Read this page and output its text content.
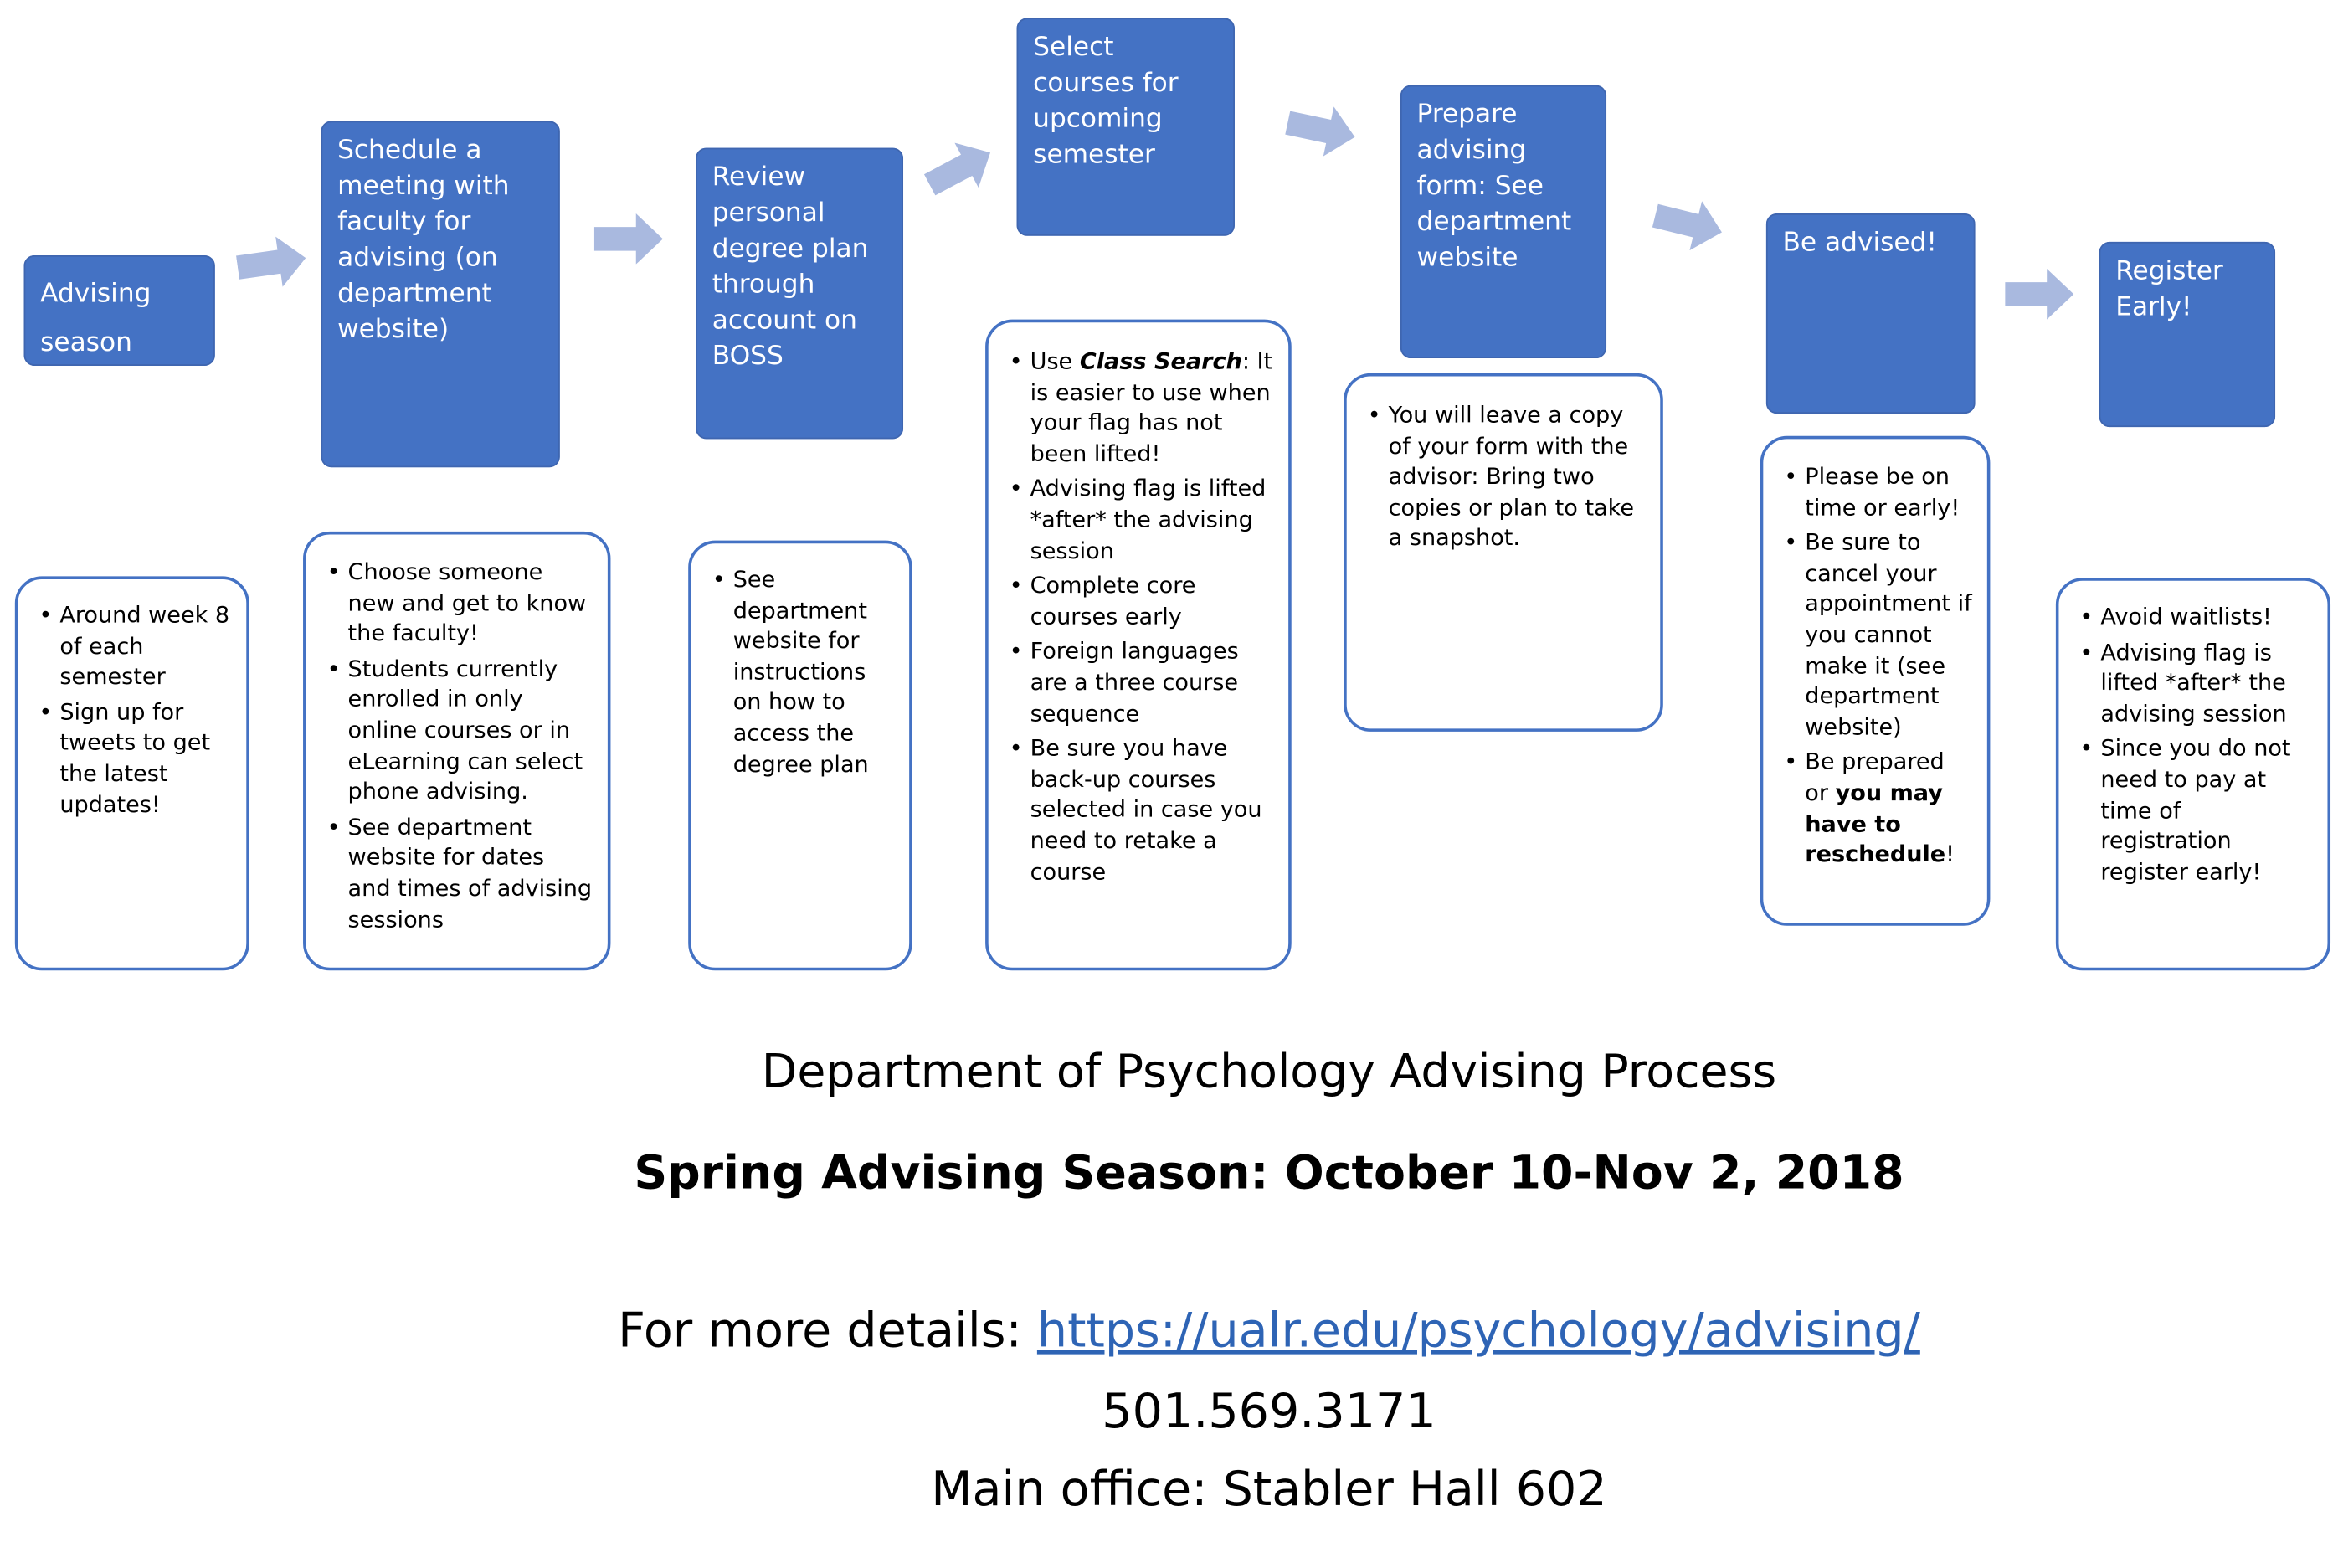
Advising
season
Schedule a
meeting with
faculty for
advising (on
department
website)
Review
personal
degree plan
through
account on
BOSS
Select
courses for
upcoming
semester
Prepare
advising
form: See
department
website	Be advised!
Register
Early!
• Around week 8 of each semester
• Sign up for tweets to get the latest updates!
• Choose someone new and get to know the faculty!
• Students currently enrolled in only online courses or in eLearning can select phone advising.
• See department website for dates and times of advising sessions
• See department website for instructions on how to access the degree plan
• Use Class Search: It is easier to use when your flag has not been lifted!
• Advising flag is lifted *after* the advising session
• Complete core courses early
• Foreign languages are a three course sequence
• Be sure you have back-up courses selected in case you need to retake a course
• You will leave a copy of your form with the advisor: Bring two copies or plan to take a snapshot.
• Please be on time or early!
• Be sure to cancel your appointment if you cannot make it (see department website)
• Be prepared or you may have to reschedule!
• Avoid waitlists!
• Advising flag is lifted *after* the advising session
• Since you do not need to pay at time of registration register early!
Department of Psychology Advising Process
Spring Advising Season: October 10-Nov 2, 2018
For more details: https://ualr.edu/psychology/advising/
501.569.3171
Main office: Stabler Hall 602
